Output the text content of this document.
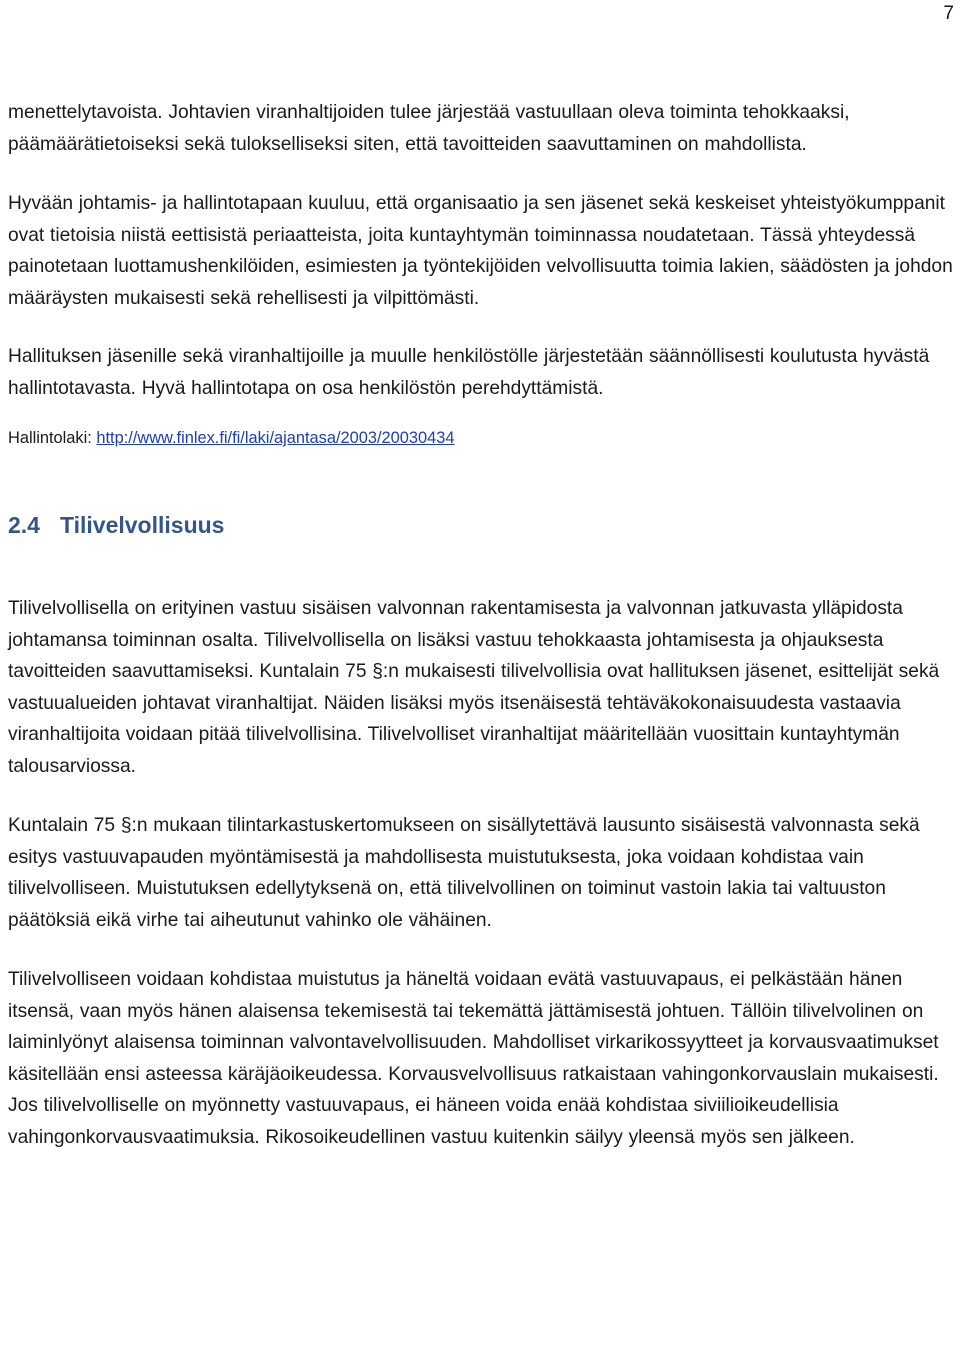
7

menettelytavoista. Johtavien viranhaltijoiden tulee järjestää vastuullaan oleva toiminta tehokkaaksi, päämäärätietoiseksi sekä tulokselliseksi siten, että tavoitteiden saavuttaminen on mahdollista.

Hyvään johtamis- ja hallintotapaan kuuluu, että organisaatio ja sen jäsenet sekä keskeiset yhteistyökumppanit ovat tietoisia niistä eettisistä periaatteista, joita kuntayhtymän toiminnassa noudatetaan. Tässä yhteydessä painotetaan luottamushenkilöiden, esimiesten ja työntekijöiden velvollisuutta toimia lakien, säädösten ja johdon määräysten mukaisesti sekä rehellisesti ja vilpittömästi.

Hallituksen jäsenille sekä viranhaltijoille ja muulle henkilöstölle järjestetään säännöllisesti koulutusta hyvästä hallintotavasta. Hyvä hallintotapa on osa henkilöstön perehdyttämistä.

Hallintolaki: http://www.finlex.fi/fi/laki/ajantasa/2003/20030434

2.4 Tilivelvollisuus

Tilivelvollisella on erityinen vastuu sisäisen valvonnan rakentamisesta ja valvonnan jatkuvasta ylläpidosta johtamansa toiminnan osalta. Tilivelvollisella on lisäksi vastuu tehokkaasta johtamisesta ja ohjauksesta tavoitteiden saavuttamiseksi. Kuntalain 75 §:n mukaisesti tilivelvollisia ovat hallituksen jäsenet, esittelijät sekä vastuualueiden johtavat viranhaltijat. Näiden lisäksi myös itsenäisestä tehtäväkokonaisuudesta vastaavia viranhaltijoita voidaan pitää tilivelvollisina. Tilivelvolliset viranhaltijat määritellään vuosittain kuntayhtymän talousarviossa.

Kuntalain 75 §:n mukaan tilintarkastuskertomukseen on sisällytettävä lausunto sisäisestä valvonnasta sekä esitys vastuuvapauden myöntämisestä ja mahdollisesta muistutuksesta, joka voidaan kohdistaa vain tilivelvolliseen. Muistutuksen edellytyksenä on, että tilivelvollinen on toiminut vastoin lakia tai valtuuston päätöksiä eikä virhe tai aiheutunut vahinko ole vähäinen.

Tilivelvolliseen voidaan kohdistaa muistutus ja häneltä voidaan evätä vastuuvapaus, ei pelkästään hänen itsensä, vaan myös hänen alaisensa tekemisestä tai tekemättä jättämisestä johtuen. Tällöin tilivelvolinen on laiminlyönyt alaisensa toiminnan valvontavelvollisuuden. Mahdolliset virkarikossyytteet ja korvausvaatimukset käsitellään ensi asteessa käräjäoikeudessa. Korvausvelvollisuus ratkaistaan vahingonkorvauslain mukaisesti. Jos tilivelvolliselle on myönnetty vastuuvapaus, ei häneen voida enää kohdistaa siviilioikeudellisia vahingonkorvausvaatimuksia. Rikosoikeudellinen vastuu kuitenkin säilyy yleensä myös sen jälkeen.
